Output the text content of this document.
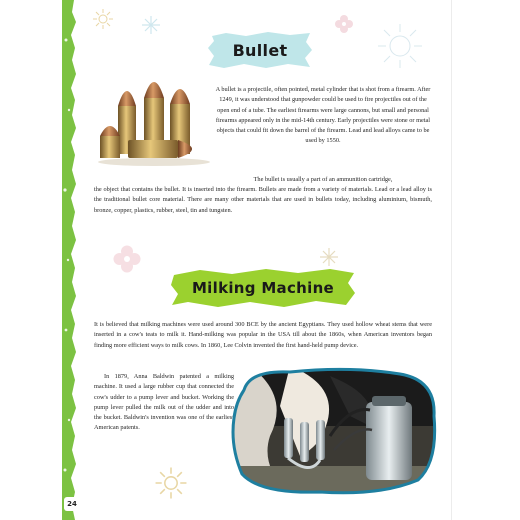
Bullet

A bullet is a projectile, often pointed, metal cylinder that is shot from a firearm. After 1249, it was understood that gunpowder could be used to fire projectiles out of the open end of a tube. The earliest firearms were large cannons, but small and personal firearms appeared only in the mid-14th century. Early projectiles were stone or metal objects that could fit down the barrel of the firearm. Lead and lead alloys came to be used by 1550.

The bullet is usually a part of an ammunition cartridge,

the object that contains the bullet. It is inserted into the firearm. Bullets are made from a variety of materials. Lead or a lead alloy is the traditional bullet core material. There are many other materials that are used in bullets today, including aluminium, bismuth, bronze, copper, plastics, rubber, steel, tin and tungsten.

Milking Machine

It is believed that milking machines were used around 300 BCE by the ancient Egyptians. They used hollow wheat stems that were inserted in a cow's teats to milk it. Hand-milking was popular in the USA till about the 1860s, when American inventors began finding more efficient ways to milk cows. In 1860, Lee Colvin invented the first hand-held pump device.

In 1879, Anna Baldwin patented a milking machine. It used a large rubber cup that connected the cow's udder to a pump lever and bucket. Working the pump lever pulled the milk out of the udder and into the bucket. Baldwin's invention was one of the earliest American patents.

24
